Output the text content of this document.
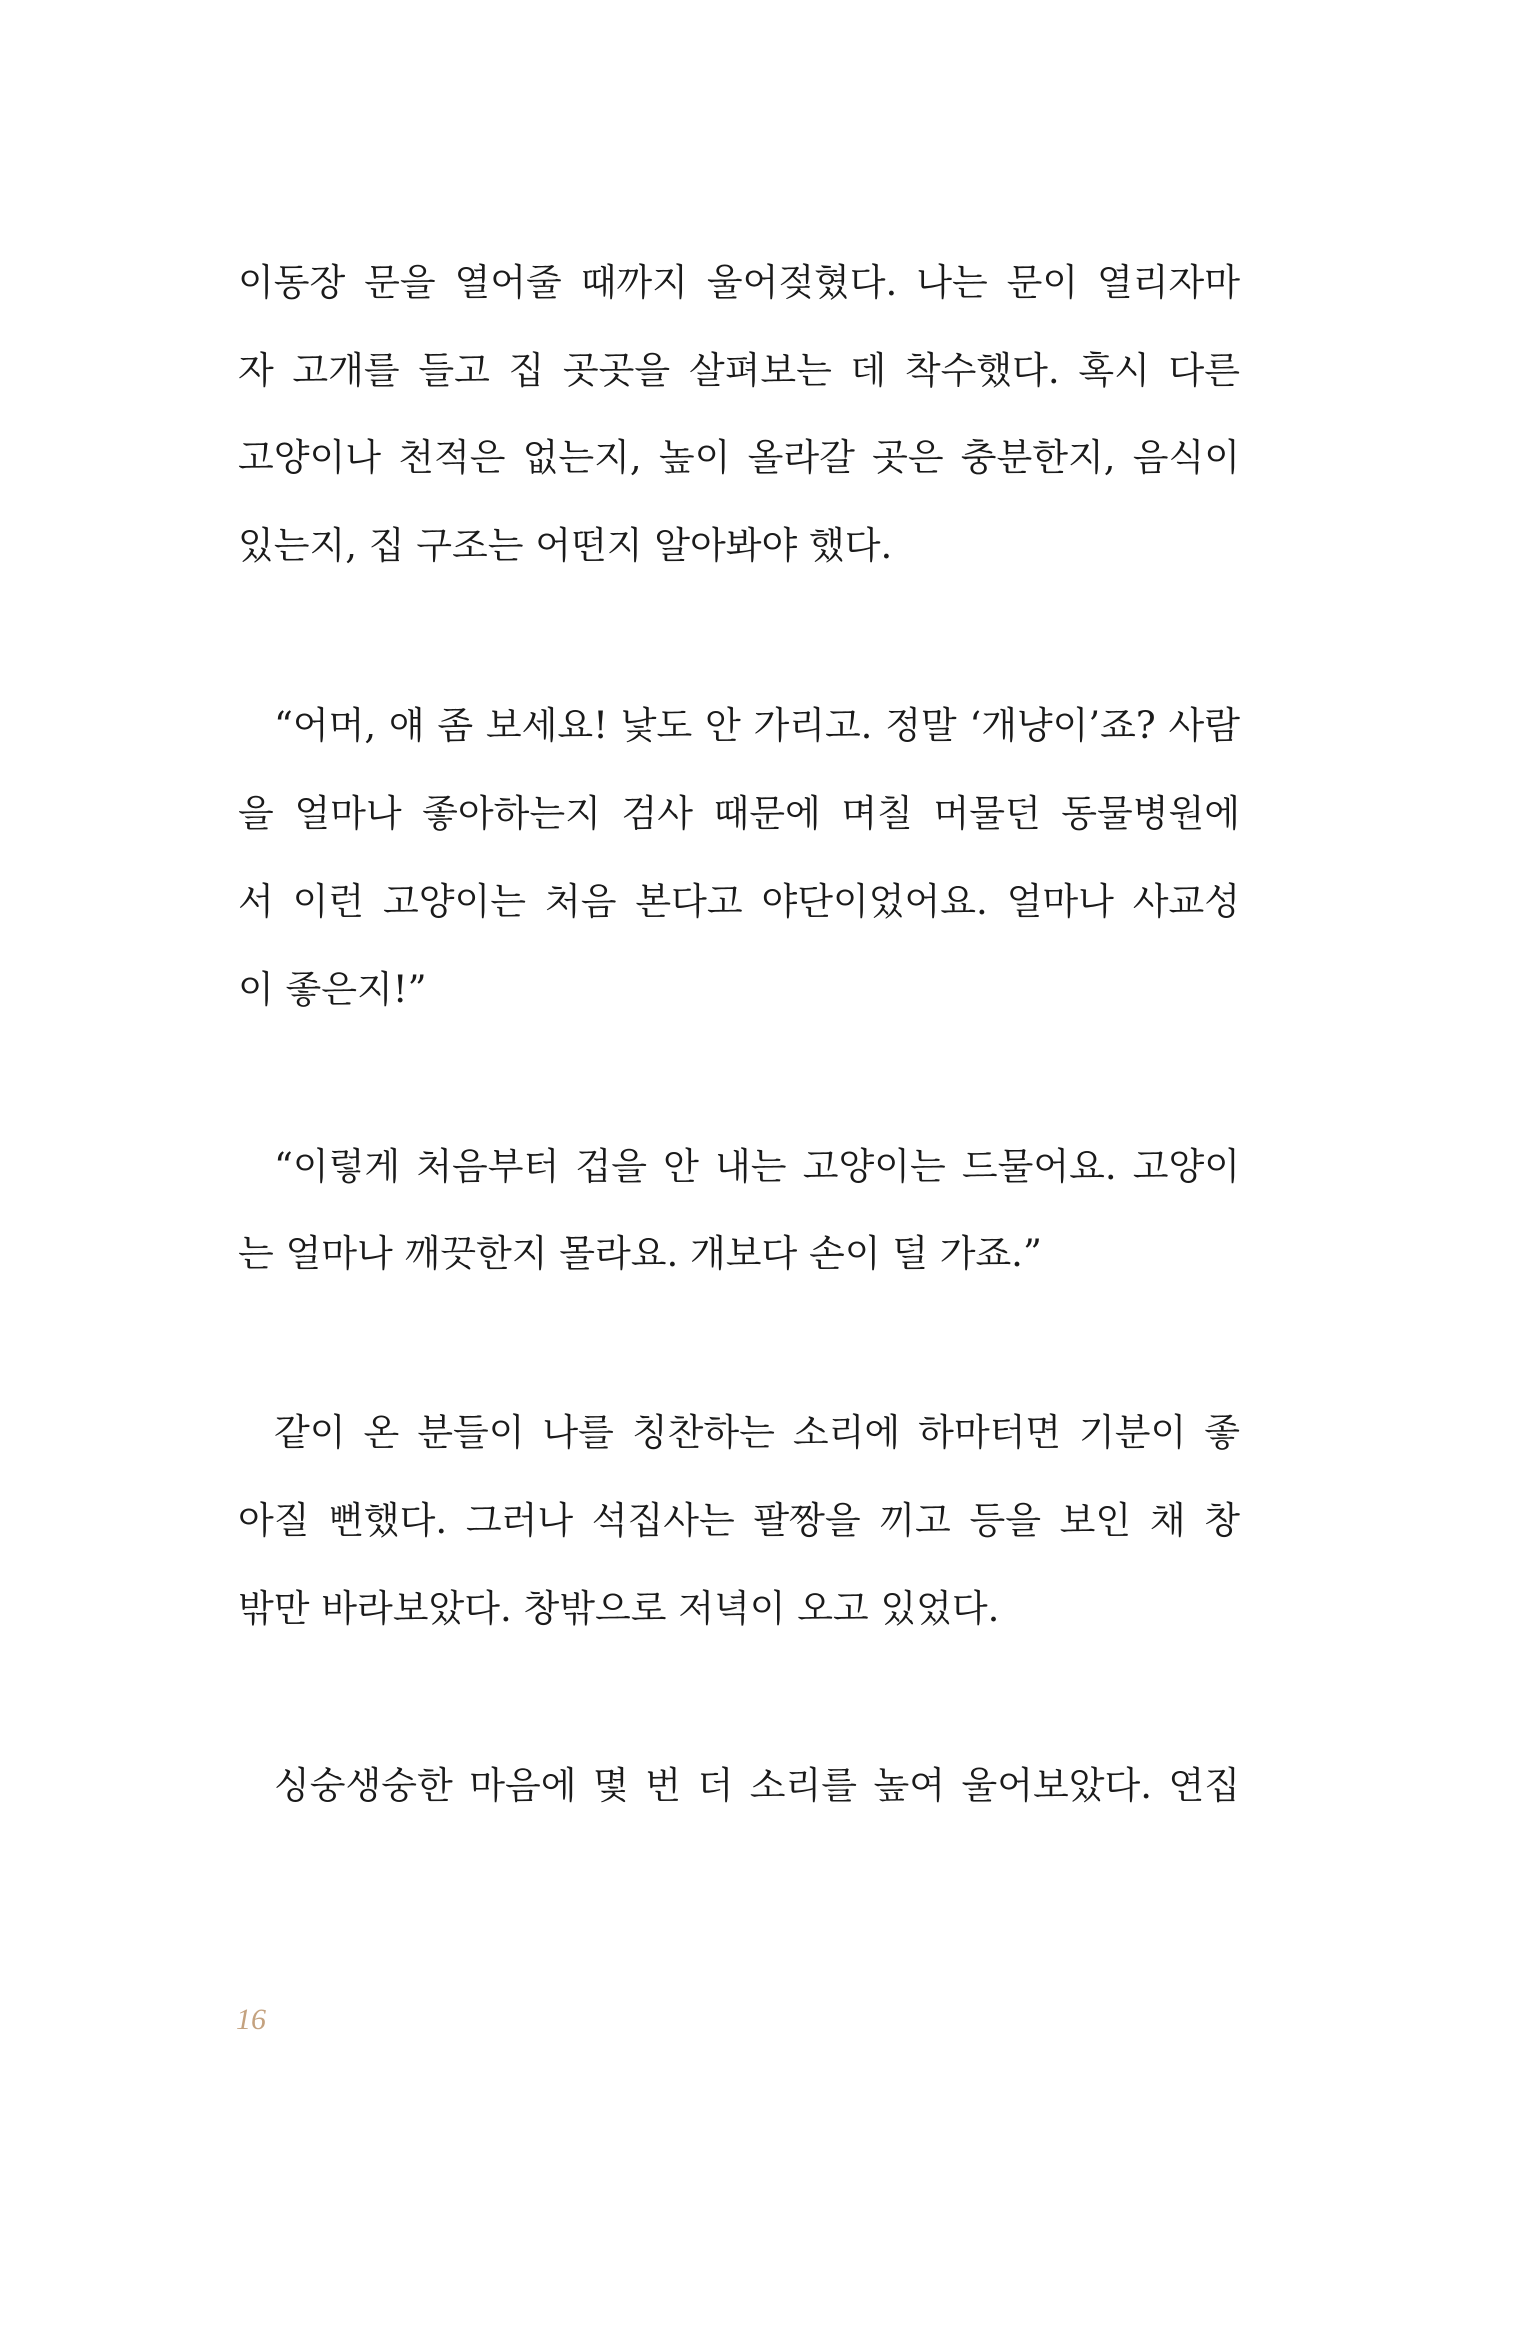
이동장 문을 열어줄 때까지 울어젖혔다. 나는 문이 열리자마
자 고개를 들고 집 곳곳을 살펴보는 데 착수했다. 혹시 다른
고양이나 천적은 없는지, 높이 올라갈 곳은 충분한지, 음식이
있는지, 집 구조는 어떤지 알아봐야 했다.
“어머, 얘 좀 보세요! 낯도 안 가리고. 정말 ‘개냥이’죠? 사람
을 얼마나 좋아하는지 검사 때문에 며칠 머물던 동물병원에
서 이런 고양이는 처음 본다고 야단이었어요. 얼마나 사교성
이 좋은지!”
“이렇게 처음부터 겁을 안 내는 고양이는 드물어요. 고양이
는 얼마나 깨끗한지 몰라요. 개보다 손이 덜 가죠.”
같이 온 분들이 나를 칭찬하는 소리에 하마터면 기분이 좋
아질 뻔했다. 그러나 석집사는 팔짱을 끼고 등을 보인 채 창
밖만 바라보았다. 창밖으로 저녁이 오고 있었다.
싱숭생숭한 마음에 몇 번 더 소리를 높여 울어보았다. 연집
16
